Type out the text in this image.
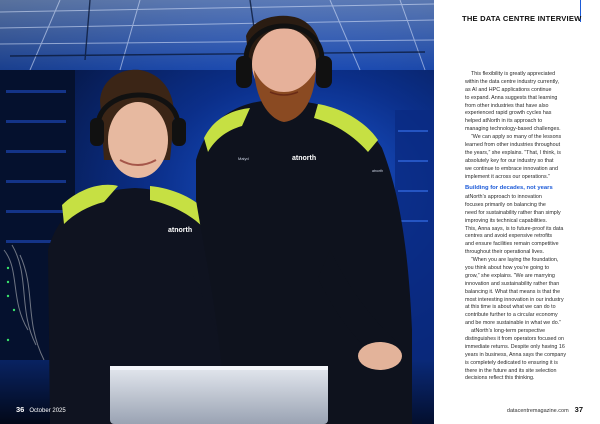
atnorth
Maiyd	atnorth
atnorth
36 October 2025
THE DATA CENTRE INTERVIEW
This flexibility is greatly appreciated
within the data centre industry currently,
as AI and HPC applications continue
to expand. Anna suggests that learning
from other industries that have also
experienced rapid growth cycles has
helped atNorth in its approach to
managing technology-based challenges.
“We can apply so many of the lessons
learned from other industries throughout
the years,” she explains. “That, I think, is
absolutely key for our industry so that
we continue to embrace innovation and
implement it across our operations.”
Building for decades, not years
atNorth’s approach to innovation
focuses primarily on balancing the
need for sustainability rather than simply
improving its technical capabilities.
This, Anna says, is to future-proof its data
centres and avoid expensive retrofits
and ensure facilities remain competitive
throughout their operational lives.
“When you are laying the foundation,
you think about how you’re going to
grow,” she explains. “We are marrying
innovation and sustainability rather than
balancing it. What that means is that the
most interesting innovation in our industry
at this time is about what we can do to
contribute further to a circular economy
and be more sustainable in what we do.”
atNorth’s long-term perspective
distinguishes it from operators focused on
immediate returns. Despite only having 16
years in business, Anna says the company
is completely dedicated to ensuring it is
there in the future and its site selection
decisions reflect this thinking.
datacentremagazine.com 37
